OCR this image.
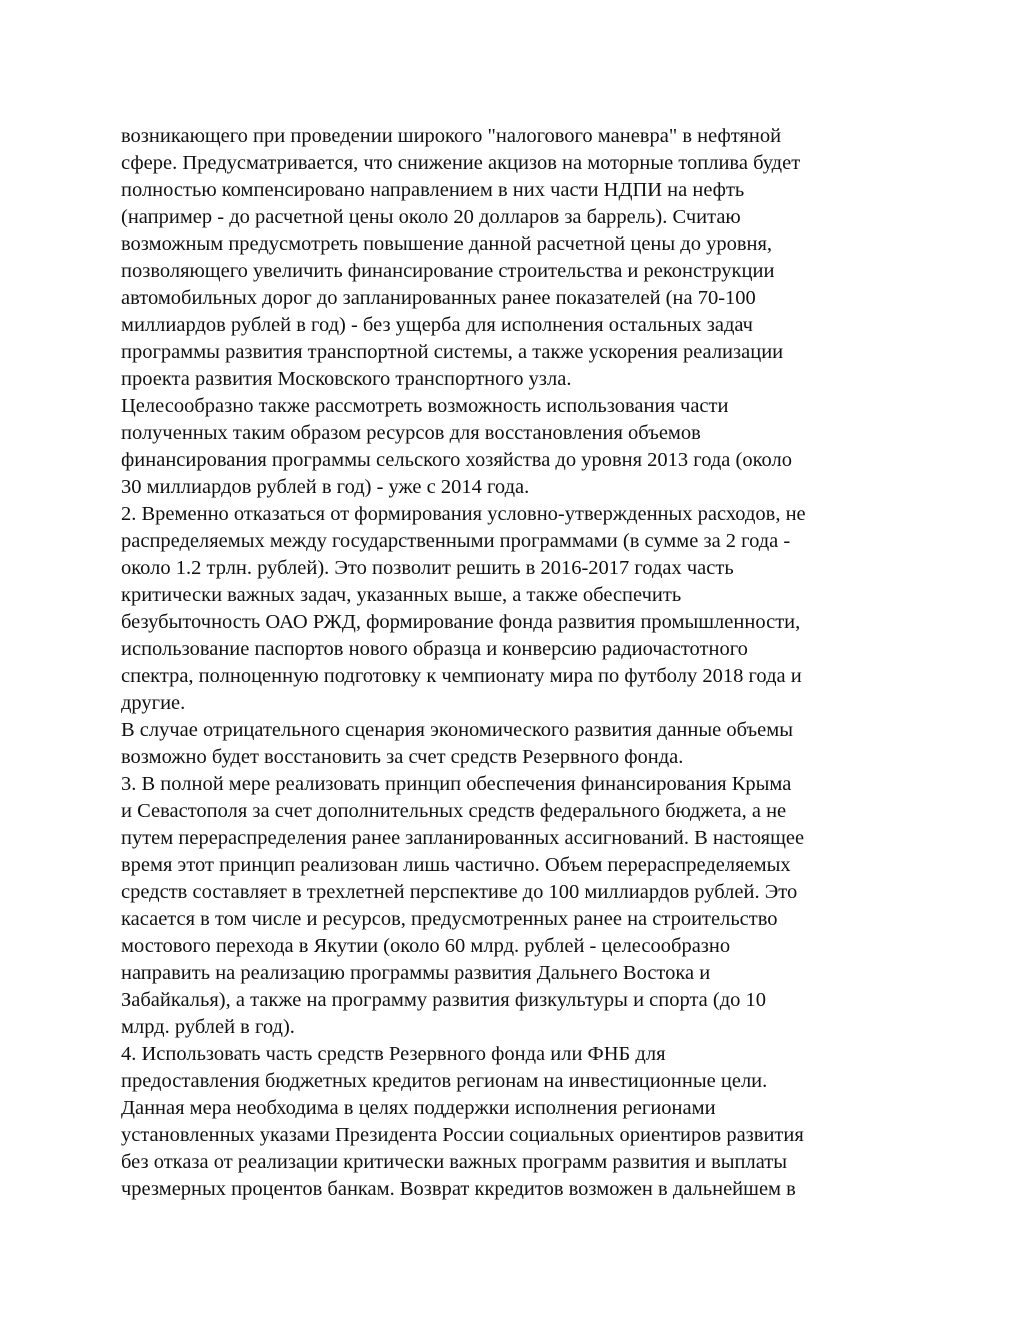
возникающего при проведении широкого "налогового маневра" в нефтяной
сфере. Предусматривается, что снижение акцизов на моторные топлива будет
полностью компенсировано направлением в них части НДПИ на нефть
(например - до расчетной цены около 20 долларов за баррель). Считаю
возможным предусмотреть повышение данной расчетной цены до уровня,
позволяющего увеличить финансирование строительства и реконструкции
автомобильных дорог до запланированных ранее показателей (на 70-100
миллиардов рублей в год) - без ущерба для исполнения остальных задач
программы развития транспортной системы, а также ускорения реализации
проекта развития Московского транспортного узла.
Целесообразно также рассмотреть возможность использования части
полученных таким образом ресурсов для восстановления объемов
финансирования программы сельского хозяйства до уровня 2013 года (около
30 миллиардов рублей в год) - уже с 2014 года.
2. Временно отказаться от формирования условно-утвержденных расходов, не
распределяемых между государственными программами (в сумме за 2 года -
около 1.2 трлн. рублей). Это позволит решить в 2016-2017 годах часть
критически важных задач, указанных выше, а также обеспечить
безубыточность ОАО РЖД, формирование фонда развития промышленности,
использование паспортов нового образца и конверсию радиочастотного
спектра, полноценную подготовку к чемпионату мира по футболу 2018 года и
другие.
В случае отрицательного сценария экономического развития данные объемы
возможно будет восстановить за счет средств Резервного фонда.
3. В полной мере реализовать принцип обеспечения финансирования Крыма
и Севастополя за счет дополнительных средств федерального бюджета, а не
путем перераспределения ранее запланированных ассигнований. В настоящее
время этот принцип реализован лишь частично. Объем перераспределяемых
средств составляет в трехлетней перспективе до 100 миллиардов рублей. Это
касается в том числе и ресурсов, предусмотренных ранее на строительство
мостового перехода в Якутии (около 60 млрд. рублей - целесообразно
направить на реализацию программы развития Дальнего Востока и
Забайкалья), а также на программу развития физкультуры и спорта (до 10
млрд. рублей в год).
4. Использовать часть средств Резервного фонда или ФНБ для
предоставления бюджетных кредитов регионам на инвестиционные цели.
Данная мера необходима в целях поддержки исполнения регионами
установленных указами Президента России социальных ориентиров развития
без отказа от реализации критически важных программ развития и выплаты
чрезмерных процентов банкам. Возврат ккредитов возможен в дальнейшем в
